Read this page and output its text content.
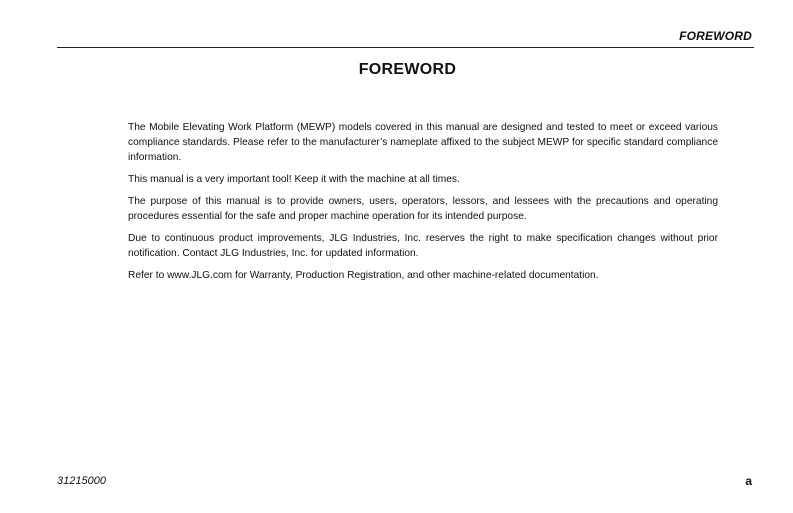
FOREWORD
FOREWORD

The Mobile Elevating Work Platform (MEWP) models covered in this manual are designed and tested to meet or exceed various compliance standards. Please refer to the manufacturer’s nameplate affixed to the subject MEWP for specific standard compliance information.

This manual is a very important tool! Keep it with the machine at all times.

The purpose of this manual is to provide owners, users, operators, lessors, and lessees with the precautions and operating procedures essential for the safe and proper machine operation for its intended purpose.

Due to continuous product improvements, JLG Industries, Inc. reserves the right to make specification changes without prior notification. Contact JLG Industries, Inc. for updated information.

Refer to www.JLG.com for Warranty, Production Registration, and other machine-related documentation.

31215000	a
